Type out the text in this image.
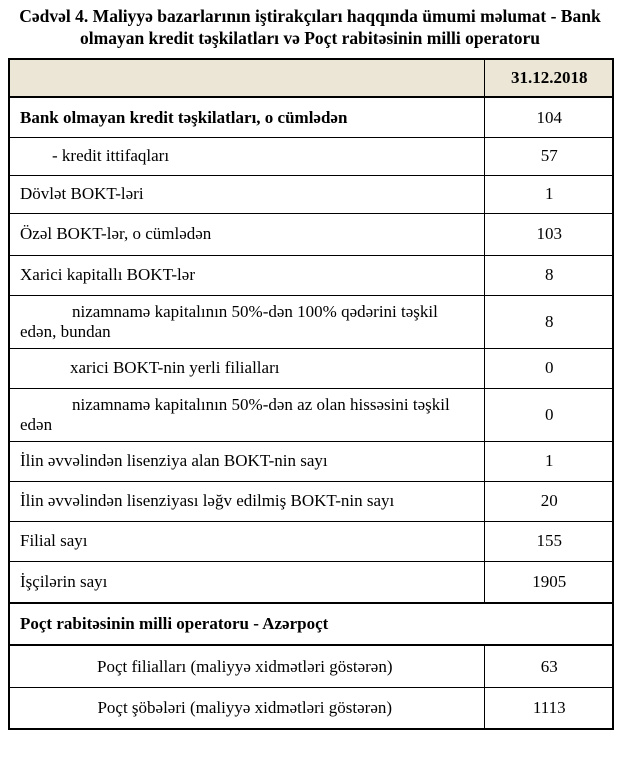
Cədvəl 4. Maliyyə bazarlarının iştirakçıları haqqında ümumi məlumat - Bank olmayan kredit təşkilatları və Poçt rabitəsinin milli operatoru
	31.12.2018
Bank olmayan kredit təşkilatları, o cümlədən	104
- kredit ittifaqları	57
Dövlət BOKT-ləri	1
Özəl BOKT-lər, o cümlədən	103
Xarici kapitallı BOKT-lər	8
nizamnamə kapitalının 50%-dən 100% qədərini təşkil edən, bundan	8
xarici BOKT-nin yerli filialları	0
nizamnamə kapitalının 50%-dən az olan hissəsini təşkil edən	0
İlin əvvəlindən lisenziya alan BOKT-nin sayı	1
İlin əvvəlindən lisenziyası ləğv edilmiş BOKT-nin sayı	20
Filial sayı	155
İşçilərin sayı	1905
Poçt rabitəsinin milli operatoru - Azərpoçt	
Poçt filialları (maliyyə xidmətləri göstərən)	63
Poçt şöbələri (maliyyə xidmətləri göstərən)	1113
